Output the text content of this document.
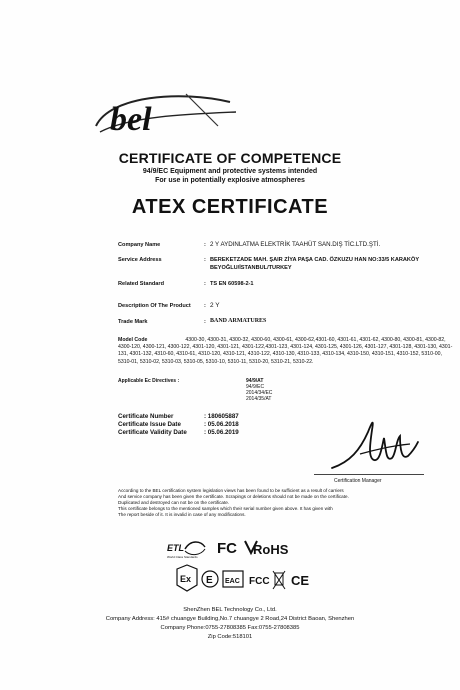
bel
CERTIFICATE OF COMPETENCE
94/9/EC Equipment and protective systems intended
For use in potentially explosive atmospheres
ATEX CERTIFICATE
Company Name	: 2 Y AYDINLATMA ELEKTRİK TAAHÜT SAN.DIŞ TİC.LTD.ŞTİ.
Service Address	: BEREKETZADE MAH. ŞAIR ZİYA PAŞA CAD. ÖZKUZU HAN NO:33/5 KARAKÖY
BEYOĞLU/İSTANBUL/TURKEY
Related Standard	: TS EN 60598-2-1
Description Of The Product : 2 Y
Trade Mark	: BAND ARMATURES
Model Code	4300-30, 4300-31, 4300-32, 4300-60, 4300-61, 4300-62,4301-60, 4301-61, 4301-62, 4300-80, 4300-81, 4300-82, 4300-120, 4300-121, 4300-122, 4301-120, 4301-121, 4301-122,4301-123, 4301-124, 4301-125, 4301-126, 4301-127, 4301-128, 4301-130, 4301-131, 4301-132, 4310-60, 4310-61, 4310-120, 4310-121, 4310-122, 4310-130, 4310-133, 4310-134, 4310-150, 4310-151, 4310-152, 5310-00, 5310-01, 5310-02, 5310-03, 5310-05, 5310-10, 5310-11, 5310-20, 5310-21, 5310-22.
Applicable Ec Directives :	94/9/AT
94/9/EC
2014/34/EC
2014/35/AT
Certificate Number	: 180605887
Certificate Issue Date	: 05.06.2018
Certificate Validity Date	: 05.06.2019
Certification Manager
According to the BEL certification system legislation views has been found to be sufficient as a result of carriers
And service company has been given the certificate. Scrapings or deletions should not be made on the certificate.
Duplicated and destroyed can not be on the certificate.
This certificate belongs to the mentioned samples which their serial number given above. It has given with
The report beside of it. It is invalid in case of any modifications.
ETL
World Class Standards FC RoHS
Ex E EAC FCC CE
ShenZhen BEL Technology Co., Ltd.
Company Address: 415# chuangye Building,No.7 chuangye 2 Road,24 District Baoan, Shenzhen
Company Phone:0755-27808385 Fax:0755-27808385
Zip Code:518101
